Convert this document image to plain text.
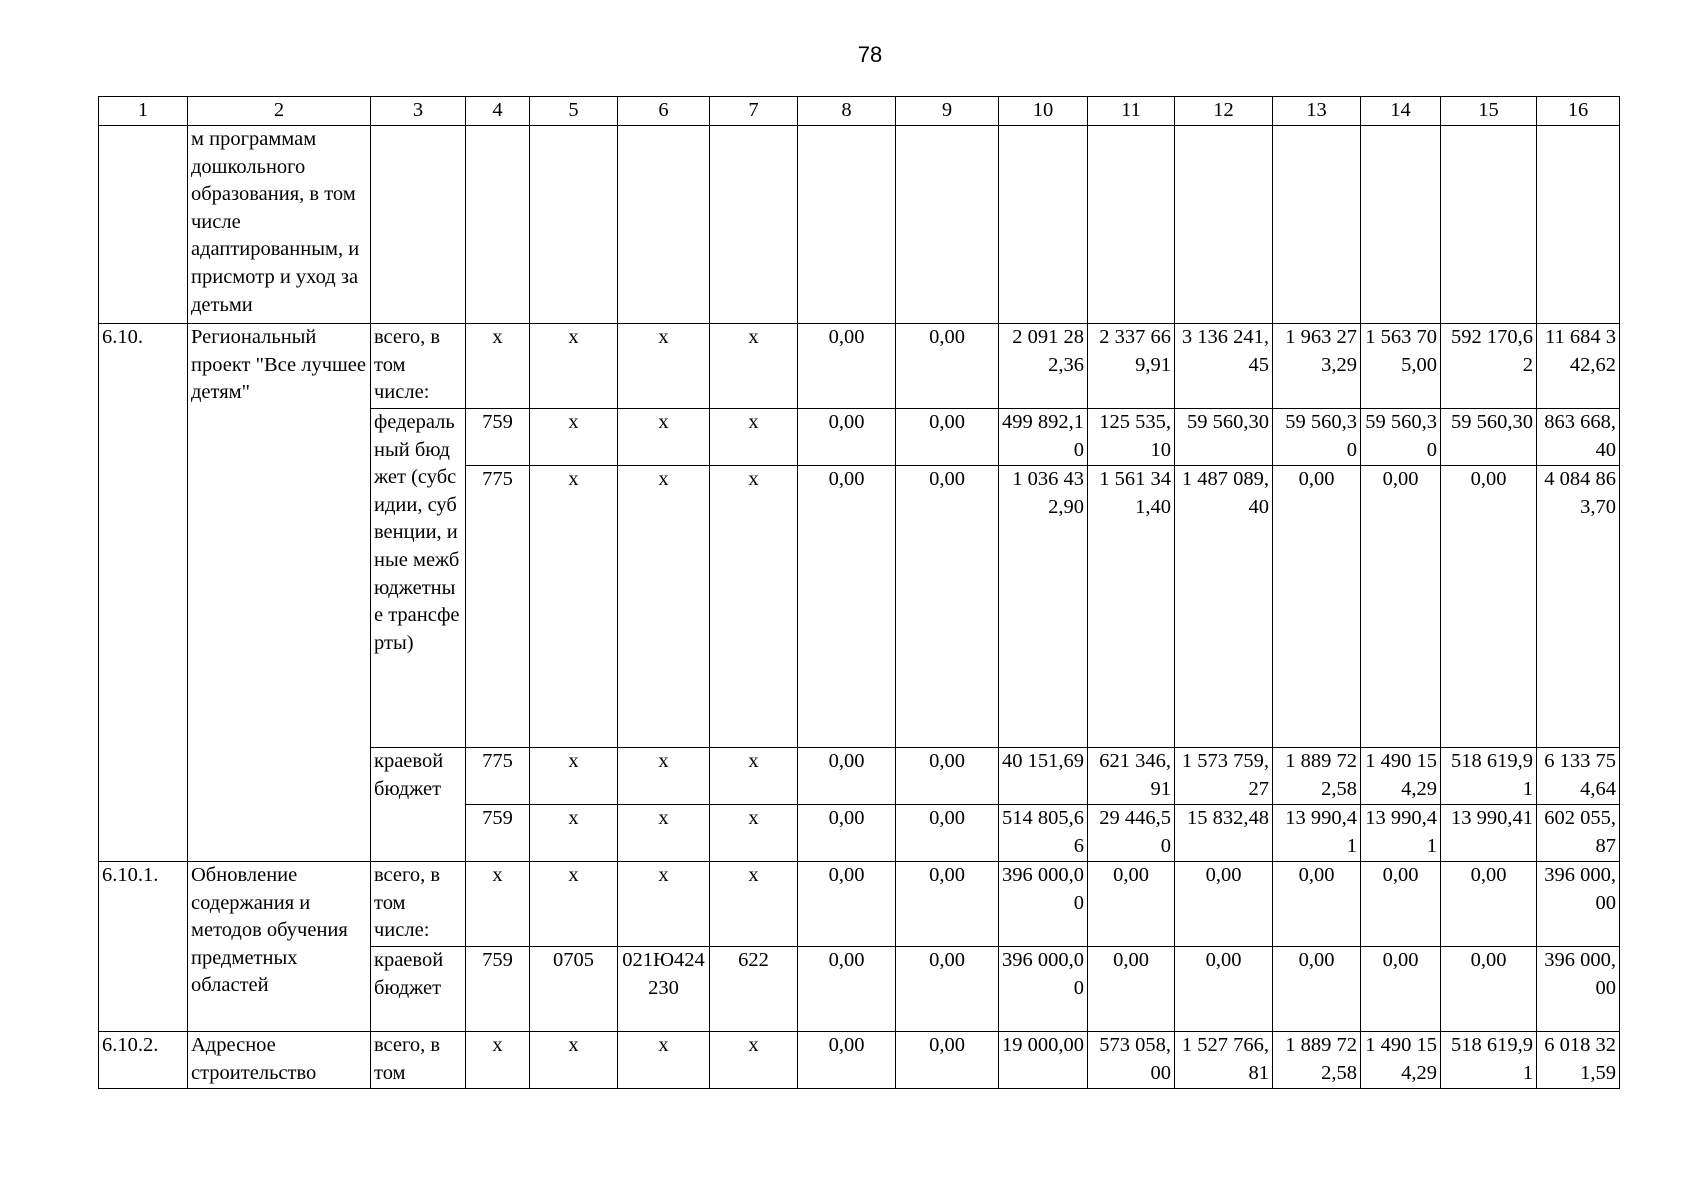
78
1	2	3	4	5	6	7	8	9	10	11	12	13	14	15	16
	м программам дошкольного образования, в том числе адаптированным, и присмотр и уход за детьми														
6.10.	Региональный проект "Все лучшее детям"	всего, в том числе:	x	x	x	x	0,00	0,00	2 091 282,36	2 337 669,91	3 136 241,45	1 963 273,29	1 563 705,00	592 170,62	11 684 342,62
		федеральный бюджет (субсидии, субвенции, иные межбюджетные трансферты)	759	x	x	x	0,00	0,00	499 892,10	125 535,10	59 560,30	59 560,30	59 560,30	59 560,30	863 668,40
			775	x	x	x	0,00	0,00	1 036 432,90	1 561 341,40	1 487 089,40	0,00	0,00	0,00	4 084 863,70
		краевой бюджет	775	x	x	x	0,00	0,00	40 151,69	621 346,91	1 573 759,27	1 889 722,58	1 490 154,29	518 619,91	6 133 754,64
			759	x	x	x	0,00	0,00	514 805,66	29 446,50	15 832,48	13 990,41	13 990,41	13 990,41	602 055,87
6.10.1.	Обновление содержания и методов обучения предметных областей	всего, в том числе:	x	x	x	x	0,00	0,00	396 000,00	0,00	0,00	0,00	0,00	0,00	396 000,00
		краевой бюджет	759	0705	021Ю424230	622	0,00	0,00	396 000,00	0,00	0,00	0,00	0,00	0,00	396 000,00
6.10.2.	Адресное строительство	всего, в том	x	x	x	x	0,00	0,00	19 000,00	573 058,00	1 527 766,81	1 889 722,58	1 490 154,29	518 619,91	6 018 321,59
